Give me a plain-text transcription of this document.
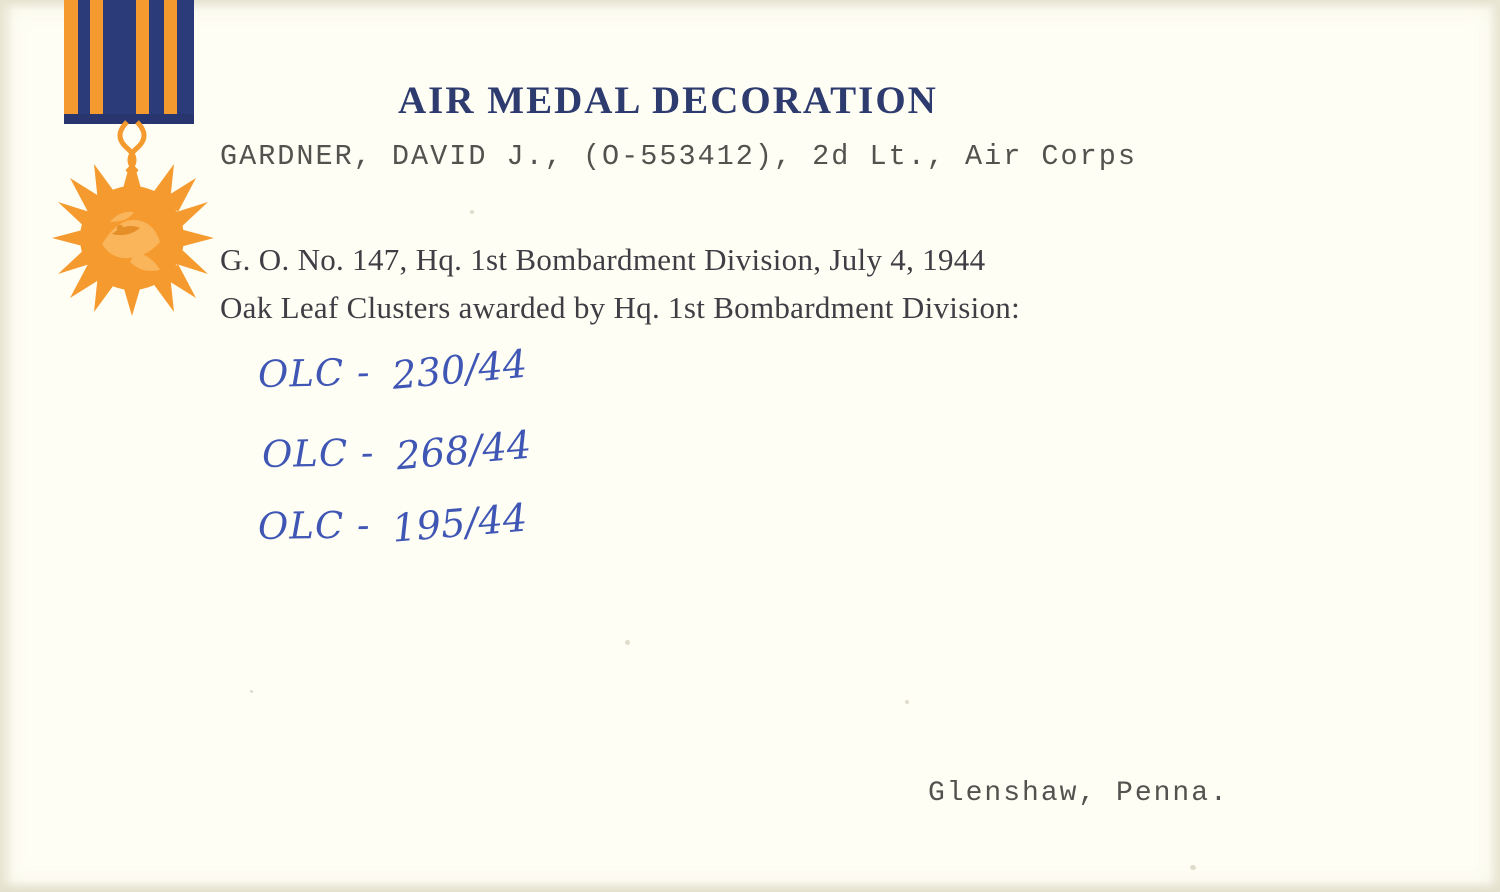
AIR MEDAL DECORATION
GARDNER, DAVID J., (O-553412), 2d Lt., Air Corps
G. O. No. 147, Hq. 1st Bombardment Division, July 4, 1944
Oak Leaf Clusters awarded by Hq. 1st Bombardment Division:
OLC - 230/44
OLC - 268/44
OLC - 195/44
Glenshaw, Penna.
